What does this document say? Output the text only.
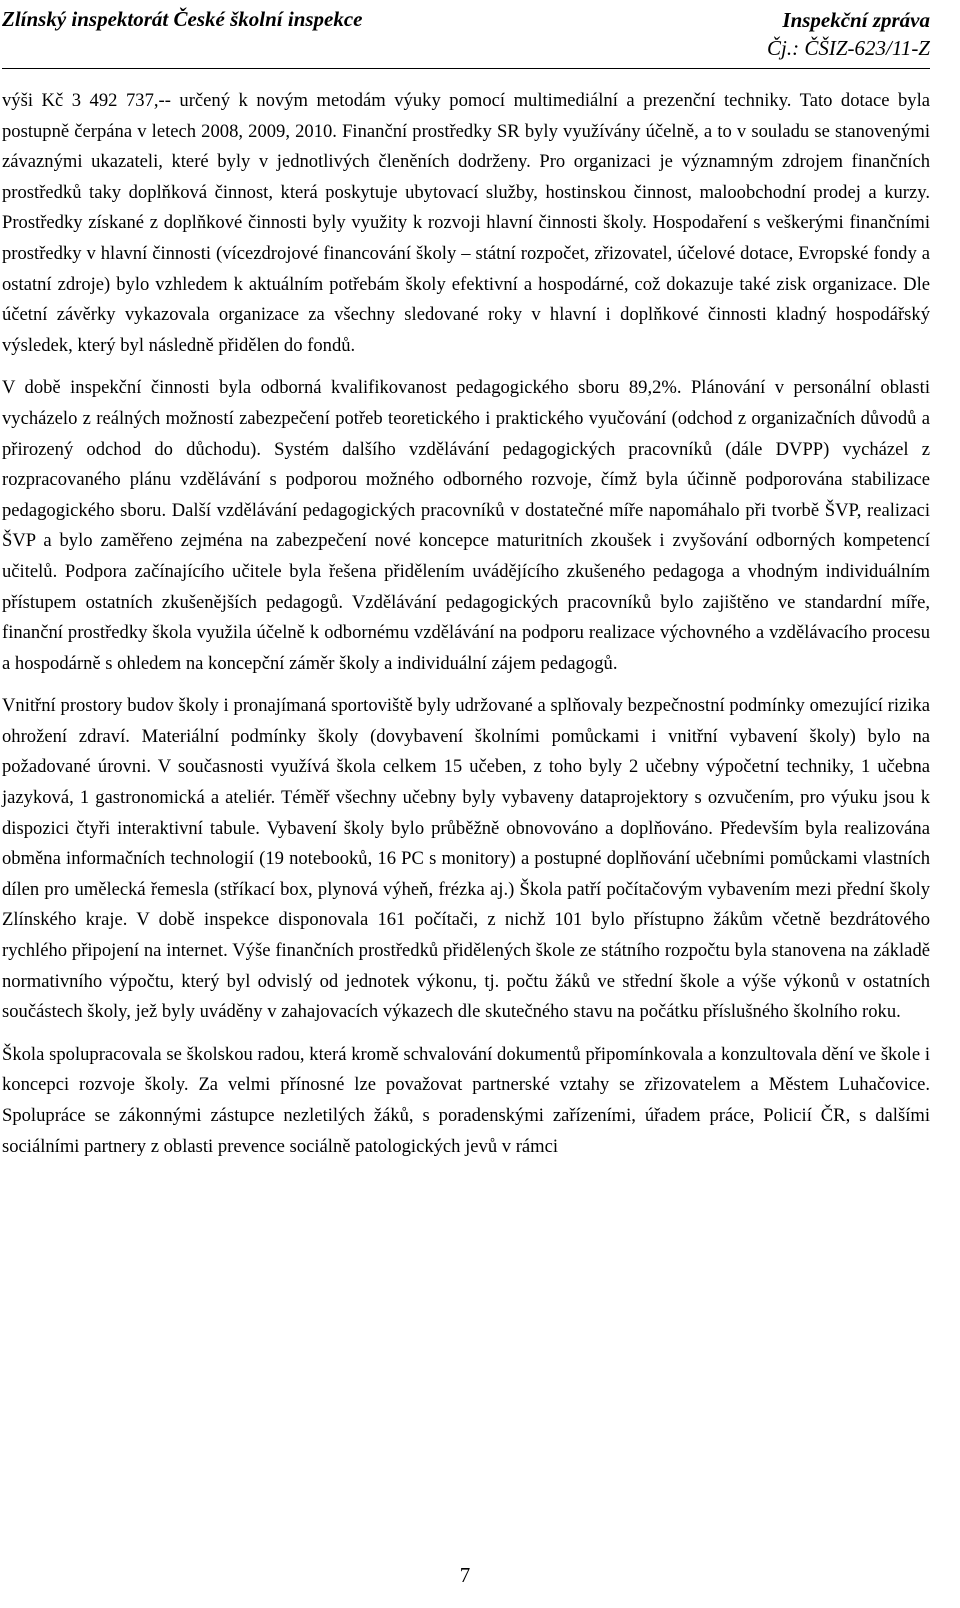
Zlínský inspektorát České školní inspekce	Inspekční zpráva
Čj.: ČŠIZ-623/11-Z

výši Kč 3 492 737,-- určený k novým metodám výuky pomocí multimediální a prezenční techniky. Tato dotace byla postupně čerpána v letech 2008, 2009, 2010. Finanční prostředky SR byly využívány účelně, a to v souladu se stanovenými závaznými ukazateli, které byly v jednotlivých členěních dodrženy. Pro organizaci je významným zdrojem finančních prostředků taky doplňková činnost, která poskytuje ubytovací služby, hostinskou činnost, maloobchodní prodej a kurzy. Prostředky získané z doplňkové činnosti byly využity k rozvoji hlavní činnosti školy. Hospodaření s veškerými finančními prostředky v hlavní činnosti (vícezdrojové financování školy – státní rozpočet, zřizovatel, účelové dotace, Evropské fondy a ostatní zdroje) bylo vzhledem k aktuálním potřebám školy efektivní a hospodárné, což dokazuje také zisk organizace. Dle účetní závěrky vykazovala organizace za všechny sledované roky v hlavní i doplňkové činnosti kladný hospodářský výsledek, který byl následně přidělen do fondů.

V době inspekční činnosti byla odborná kvalifikovanost pedagogického sboru 89,2%. Plánování v personální oblasti vycházelo z reálných možností zabezpečení potřeb teoretického i praktického vyučování (odchod z organizačních důvodů a přirozený odchod do důchodu). Systém dalšího vzdělávání pedagogických pracovníků (dále DVPP) vycházel z rozpracovaného plánu vzdělávání s podporou možného odborného rozvoje, čímž byla účinně podporována stabilizace pedagogického sboru. Další vzdělávání pedagogických pracovníků v dostatečné míře napomáhalo při tvorbě ŠVP, realizaci ŠVP a bylo zaměřeno zejména na zabezpečení nové koncepce maturitních zkoušek i zvyšování odborných kompetencí učitelů. Podpora začínajícího učitele byla řešena přidělením uvádějícího zkušeného pedagoga a vhodným individuálním přístupem ostatních zkušenějších pedagogů. Vzdělávání pedagogických pracovníků bylo zajištěno ve standardní míře, finanční prostředky škola využila účelně k odbornému vzdělávání na podporu realizace výchovného a vzdělávacího procesu a hospodárně s ohledem na koncepční záměr školy a individuální zájem pedagogů.

Vnitřní prostory budov školy i pronajímaná sportoviště byly udržované a splňovaly bezpečnostní podmínky omezující rizika ohrožení zdraví. Materiální podmínky školy (dovybavení školními pomůckami i vnitřní vybavení školy) bylo na požadované úrovni. V současnosti využívá škola celkem 15 učeben, z toho byly 2 učebny výpočetní techniky, 1 učebna jazyková, 1 gastronomická a ateliér. Téměř všechny učebny byly vybaveny dataprojektory s ozvučením, pro výuku jsou k dispozici čtyři interaktivní tabule. Vybavení školy bylo průběžně obnovováno a doplňováno. Především byla realizována obměna informačních technologií (19 notebooků, 16 PC s monitory) a postupné doplňování učebními pomůckami vlastních dílen pro umělecká řemesla (stříkací box, plynová výheň, frézka aj.) Škola patří počítačovým vybavením mezi přední školy Zlínského kraje. V době inspekce disponovala 161 počítači, z nichž 101 bylo přístupno žákům včetně bezdrátového rychlého připojení na internet. Výše finančních prostředků přidělených škole ze státního rozpočtu byla stanovena na základě normativního výpočtu, který byl odvislý od jednotek výkonu, tj. počtu žáků ve střední škole a výše výkonů v ostatních součástech školy, jež byly uváděny v zahajovacích výkazech dle skutečného stavu na počátku příslušného školního roku.

Škola spolupracovala se školskou radou, která kromě schvalování dokumentů připomínkovala a konzultovala dění ve škole i koncepci rozvoje školy. Za velmi přínosné lze považovat partnerské vztahy se zřizovatelem a Městem Luhačovice. Spolupráce se zákonnými zástupce nezletilých žáků, s poradenskými zařízeními, úřadem práce, Policií ČR, s dalšími sociálními partnery z oblasti prevence sociálně patologických jevů v rámci

7
